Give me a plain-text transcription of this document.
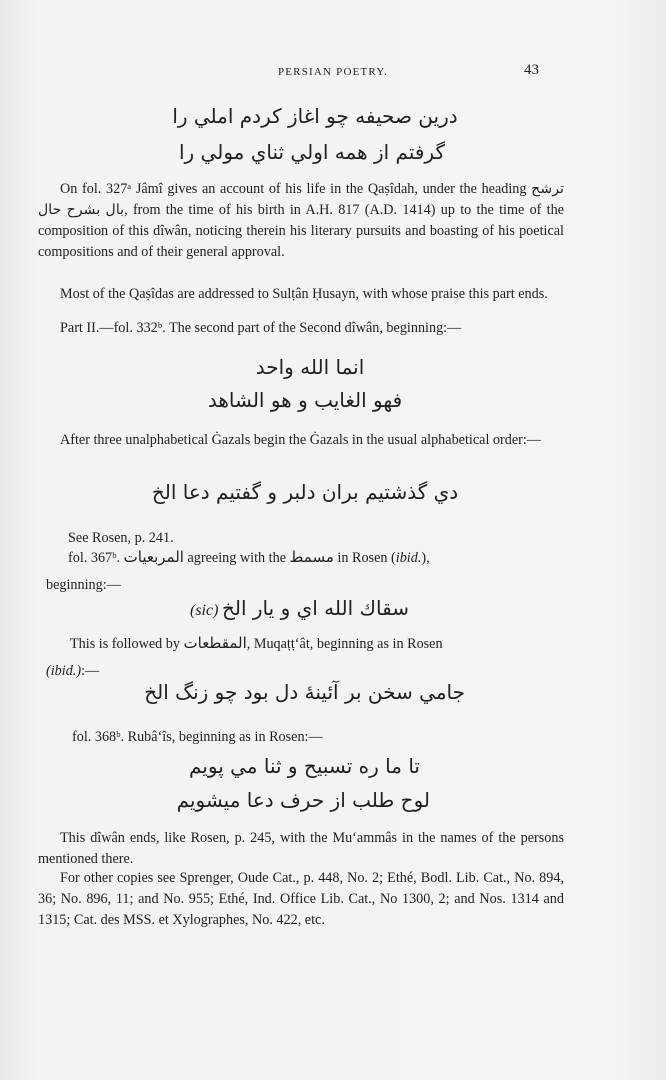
PERSIAN POETRY.	43
درين صحيفه چو اغاز كردم املي را
گرفتم از همه اولي ثناي مولي را
On fol. 327ᵃ Jâmî gives an account of his life in the Qaṣîdah, under the heading ترشح بال بشرح حال, from the time of his birth in A.H. 817 (A.D. 1414) up to the time of the composition of this dîwân, noticing therein his literary pursuits and boasting of his poetical compositions and of their general approval.
Most of the Qaṣîdas are addressed to Sulṭân Ḥusayn, with whose praise this part ends.
Part II.—fol. 332ᵇ. The second part of the Second dîwân, beginning:—
انما الله واحد
فهو الغايب و هو الشاهد
After three unalphabetical Ġazals begin the Ġazals in the usual alphabetical order:—
دي گذشتيم بران دلبر و گفتيم دعا الخ
See Rosen, p. 241.
fol. 367ᵇ. المربعيات agreeing with the مسمط in Rosen (ibid.),
beginning:—
(sic) سقاك الله اي و يار الخ
This is followed by المقطعات, Muqaṭṭ‘ât, beginning as in Rosen
(ibid.):—
جامي سخن بر آئينهٔ دل بود چو زنگ الخ
fol. 368ᵇ. Rubâ‘îs, beginning as in Rosen:—
تا ما ره تسبيح و ثنا مي پويم
لوح طلب از حرف دعا ميشويم
This dîwân ends, like Rosen, p. 245, with the Mu‘ammâs in the names of the persons mentioned there.
For other copies see Sprenger, Oude Cat., p. 448, No. 2; Ethé, Bodl. Lib. Cat., No. 894, 36; No. 896, 11; and No. 955; Ethé, Ind. Office Lib. Cat., No 1300, 2; and Nos. 1314 and 1315; Cat. des MSS. et Xylographes, No. 422, etc.
